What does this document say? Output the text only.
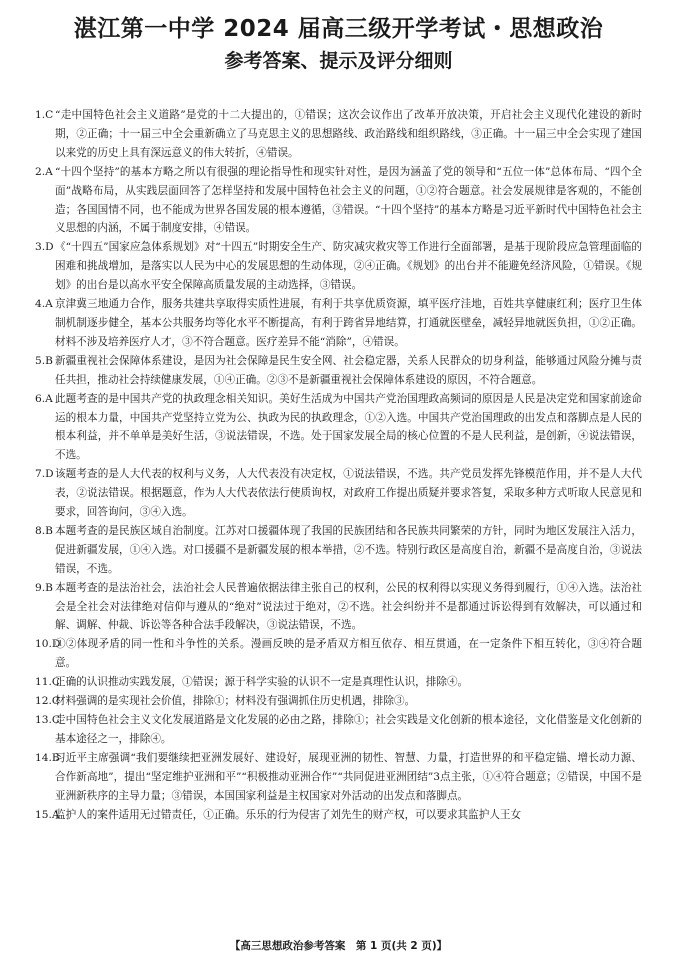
湛江第一中学 2024 届高三级开学考试・思想政治
参考答案、提示及评分细则
1.C “走中国特色社会主义道路”是党的十二大提出的，①错误；这次会议作出了改革开放决策，开启社会主义现代化建设的新时期，②正确；十一届三中全会重新确立了马克思主义的思想路线、政治路线和组织路线，③正确。十一届三中全会实现了建国以来党的历史上具有深远意义的伟大转折，④错误。
2.A “十四个坚持”的基本方略之所以有很强的理论指导性和现实针对性，是因为涵盖了党的领导和“五位一体”总体布局、“四个全面”战略布局，从实践层面回答了怎样坚持和发展中国特色社会主义的问题，①②符合题意。社会发展规律是客观的，不能创造；各国国情不同，也不能成为世界各国发展的根本遵循，③错误。“十四个坚持”的基本方略是习近平新时代中国特色社会主义思想的内涵，不属于制度安排，④错误。
3.D 《“十四五”国家应急体系规划》对“十四五”时期安全生产、防灾减灾救灾等工作进行全面部署，是基于现阶段应急管理面临的困难和挑战增加，是落实以人民为中心的发展思想的生动体现，②④正确。《规划》的出台并不能避免经济风险，①错误。《规划》的出台是以高水平安全保障高质量发展的主动选择，③错误。
4.A 京津冀三地通力合作，服务共建共享取得实质性进展，有利于共享优质资源，填平医疗洼地，百姓共享健康红利；医疗卫生体制机制逐步健全，基本公共服务均等化水平不断提高，有利于跨省异地结算，打通就医壁垒，减轻异地就医负担，①②正确。材料不涉及培养医疗人才，③不符合题意。医疗差异不能“消除”，④错误。
5.B 新疆重视社会保障体系建设，是因为社会保障是民生安全网、社会稳定器，关系人民群众的切身利益，能够通过风险分摊与责任共担，推动社会持续健康发展，①④正确。②③不是新疆重视社会保障体系建设的原因，不符合题意。
6.A 此题考查的是中国共产党的执政理念相关知识。美好生活成为中国共产党治国理政高频词的原因是人民是决定党和国家前途命运的根本力量，中国共产党坚持立党为公、执政为民的执政理念，①②入选。中国共产党治国理政的出发点和落脚点是人民的根本利益，并不单单是美好生活，③说法错误，不选。处于国家发展全局的核心位置的不是人民利益，是创新，④说法错误，不选。
7.D 该题考查的是人大代表的权利与义务，人大代表没有决定权，①说法错误，不选。共产党员发挥先锋模范作用，并不是人大代表，②说法错误。根据题意，作为人大代表依法行使质询权，对政府工作提出质疑并要求答复，采取多种方式听取人民意见和要求，回答询问，③④入选。
8.B 本题考查的是民族区域自治制度。江苏对口援疆体现了我国的民族团结和各民族共同繁荣的方针，同时为地区发展注入活力，促进新疆发展，①④入选。对口援疆不是新疆发展的根本举措，②不选。特别行政区是高度自治，新疆不是高度自治，③说法错误，不选。
9.B 本题考查的是法治社会，法治社会人民普遍依据法律主张自己的权利，公民的权利得以实现义务得到履行，①④入选。法治社会是全社会对法律绝对信仰与遵从的“绝对”说法过于绝对，②不选。社会纠纷并不是都通过诉讼得到有效解决，可以通过和解、调解、仲裁、诉讼等各种合法手段解决，③说法错误，不选。
10.D
①②体现矛盾的同一性和斗争性的关系。漫画反映的是矛盾双方相互依存、相互贯通，在一定条件下相互转化，③④符合题意。
11.C
正确的认识推动实践发展，①错误；源于科学实验的认识不一定是真理性认识，排除④。
12.C
材料强调的是实现社会价值，排除①；材料没有强调抓住历史机遇，排除③。
13.C
走中国特色社会主义文化发展道路是文化发展的必由之路，排除①；社会实践是文化创新的根本途径，文化借鉴是文化创新的基本途径之一，排除④。
14.B
习近平主席强调“我们要继续把亚洲发展好、建设好，展现亚洲的韧性、智慧、力量，打造世界的和平稳定锚、增长动力源、合作新高地”，提出“坚定维护亚洲和平”“积极推动亚洲合作”“共同促进亚洲团结”3点主张，①④符合题意；②错误，中国不是亚洲新秩序的主导力量；③错误，本国国家利益是主权国家对外活动的出发点和落脚点。
15.A
监护人的案件适用无过错责任，①正确。乐乐的行为侵害了刘先生的财产权，可以要求其监护人王女
【高三思想政治参考答案　第 1 页(共 2 页)】
